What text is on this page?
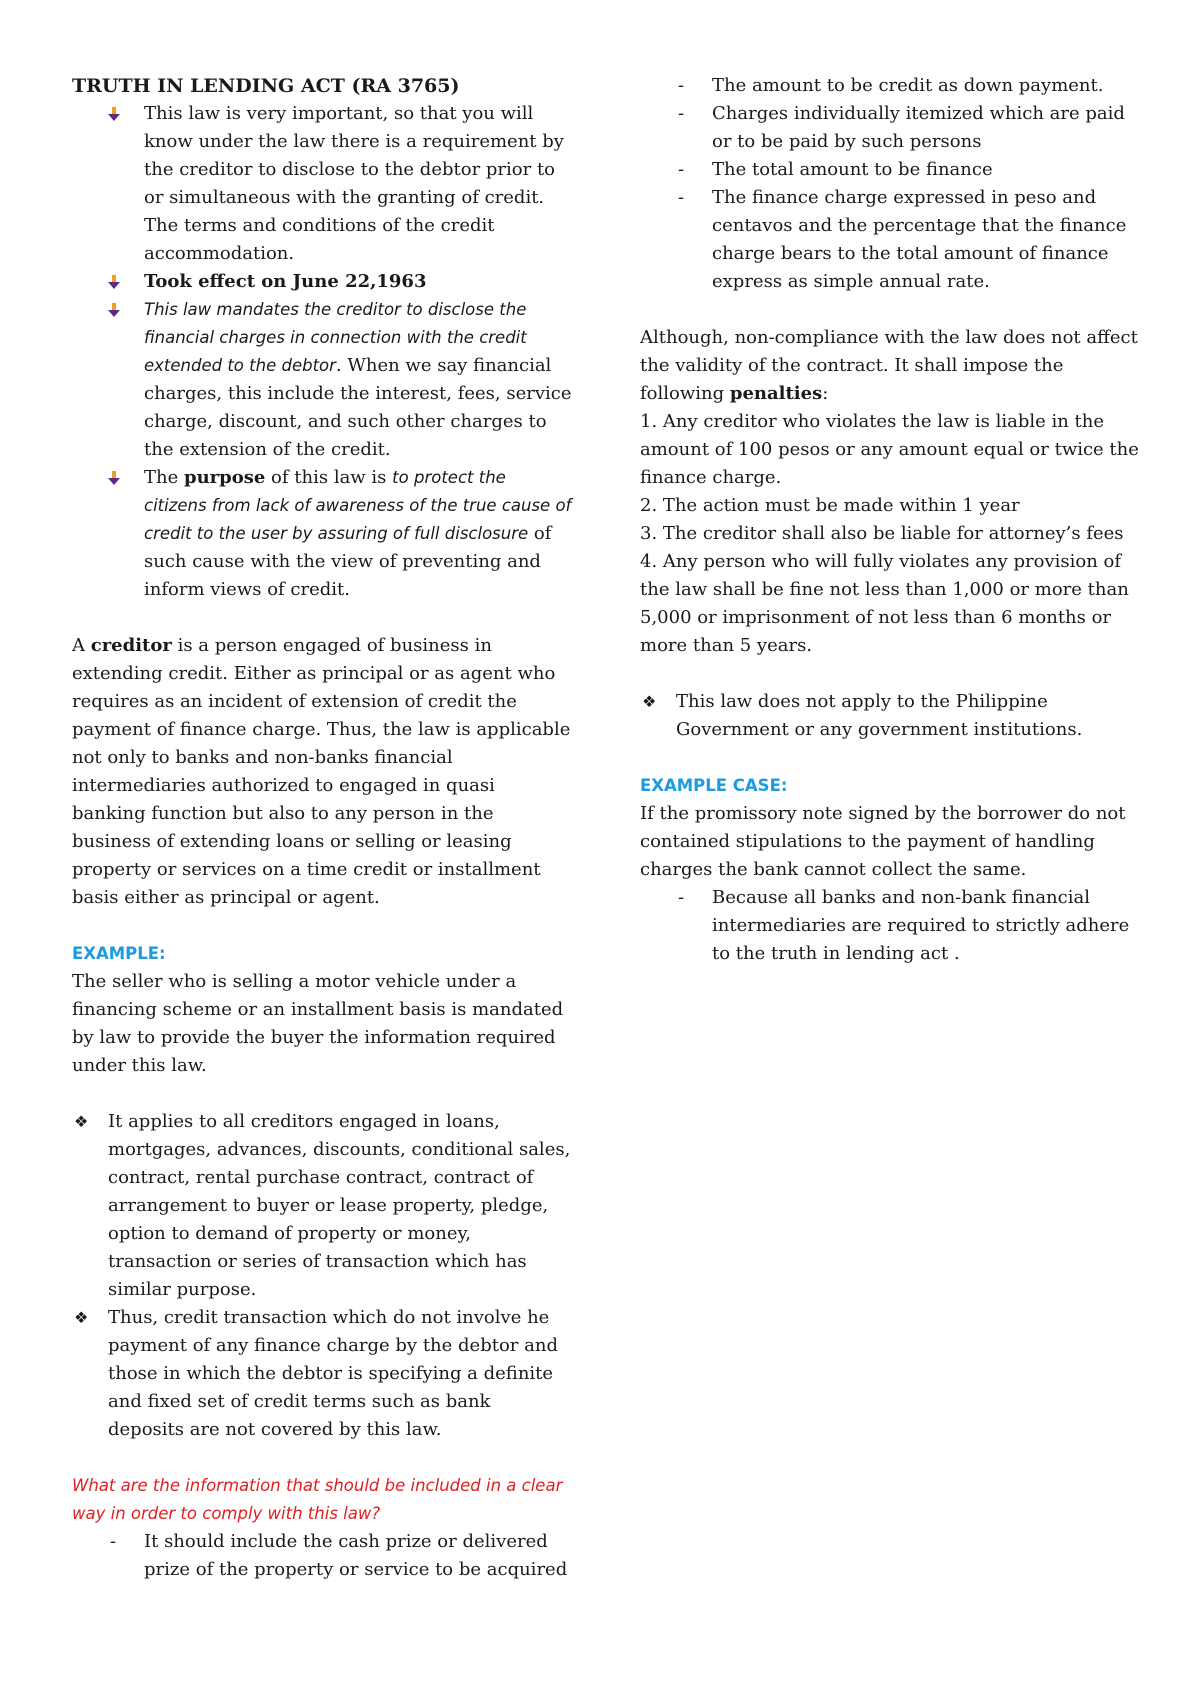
TRUTH IN LENDING ACT (RA 3765)

This law is very important, so that you will know under the law there is a requirement by the creditor to disclose to the debtor prior to or simultaneous with the granting of credit. The terms and conditions of the credit accommodation.
Took effect on June 22,1963
This law mandates the creditor to disclose the financial charges in connection with the credit extended to the debtor. When we say financial charges, this include the interest, fees, service charge, discount, and such other charges to the extension of the credit.
The purpose of this law is to protect the citizens from lack of awareness of the true cause of credit to the user by assuring of full disclosure of such cause with the view of preventing and inform views of credit.

A creditor is a person engaged of business in extending credit. Either as principal or as agent who requires as an incident of extension of credit the payment of finance charge. Thus, the law is applicable not only to banks and non-banks financial intermediaries authorized to engaged in quasi banking function but also to any person in the business of extending loans or selling or leasing property or services on a time credit or installment basis either as principal or agent.

EXAMPLE:

The seller who is selling a motor vehicle under a financing scheme or an installment basis is mandated by law to provide the buyer the information required under this law.

❖ It applies to all creditors engaged in loans, mortgages, advances, discounts, conditional sales, contract, rental purchase contract, contract of arrangement to buyer or lease property, pledge, option to demand of property or money, transaction or series of transaction which has similar purpose.
❖ Thus, credit transaction which do not involve he payment of any finance charge by the debtor and those in which the debtor is specifying a definite and fixed set of credit terms such as bank deposits are not covered by this law.

What are the information that should be included in a clear way in order to comply with this law?

- It should include the cash prize or delivered prize of the property or service to be acquired
- The amount to be credit as down payment.
- Charges individually itemized which are paid or to be paid by such persons
- The total amount to be finance
- The finance charge expressed in peso and centavos and the percentage that the finance charge bears to the total amount of finance express as simple annual rate.

Although, non-compliance with the law does not affect the validity of the contract. It shall impose the following penalties:

1. Any creditor who violates the law is liable in the amount of 100 pesos or any amount equal or twice the finance charge.

2. The action must be made within 1 year

3. The creditor shall also be liable for attorney’s fees

4. Any person who will fully violates any provision of the law shall be fine not less than 1,000 or more than 5,000 or imprisonment of not less than 6 months or more than 5 years.

❖ This law does not apply to the Philippine Government or any government institutions.

EXAMPLE CASE:

If the promissory note signed by the borrower do not contained stipulations to the payment of handling charges the bank cannot collect the same.

- Because all banks and non-bank financial intermediaries are required to strictly adhere to the truth in lending act .
